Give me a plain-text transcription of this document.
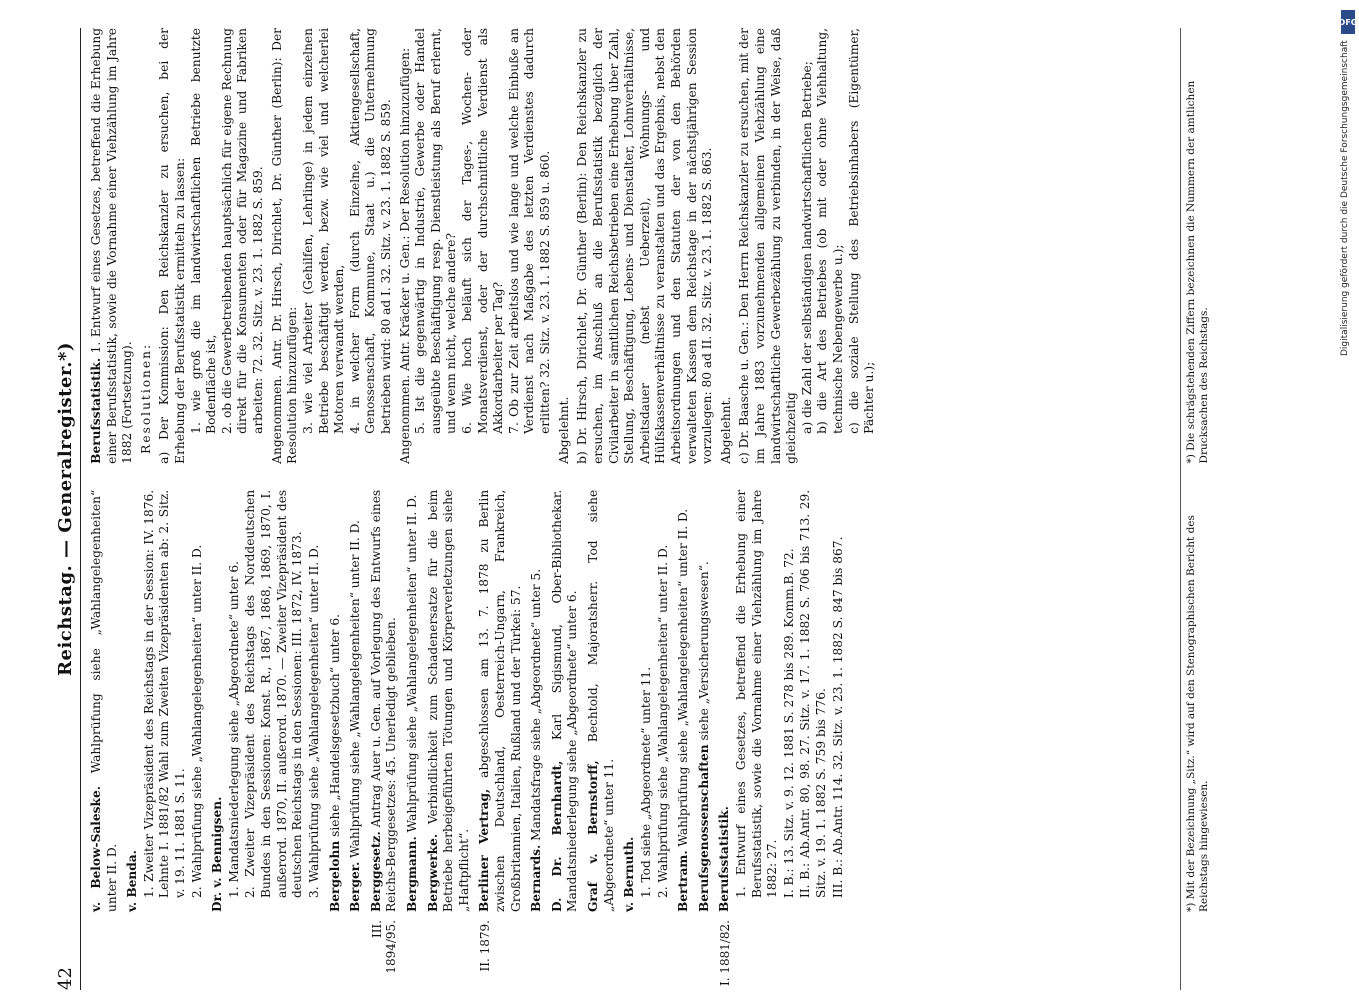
42
Reichstag. — Generalregister.*)
v. Below-Saleske. Wahlprüfung siehe „Wahlangelegenheiten“ unter II. D. v. Benda. 1. Zweiter Vizepräsident des Reichstags in der Session: IV. 1876. Lehnte I. 1881/82 Wahl zum Zweiten Vizepräsidenten ab: 2. Sitz. v. 19. 11. 1881 S. 11. 2. Wahlprüfung siehe „Wahlangelegenheiten“ unter II. D. Dr. v. Bennigsen. 1. Mandatsniederlegung siehe „Abgeordnete“ unter 6. 2. Zweiter Vizepräsident des Reichstags des Norddeutschen Bundes in den Sessionen: Konst. R., 1867, 1868, 1869, 1870, I. außerord. 1870, II. außerord. 1870. — Zweiter Vizepräsident des deutschen Reichstags in den Sessionen: III. 1872, IV. 1873. 3. Wahlprüfung siehe „Wahlangelegenheiten“ unter II. D. Bergelohn siehe „Handelsgesetzbuch“ unter 6.
Berger. Wahlprüfung siehe „Wahlangelegenheiten“ unter II. D.
III. 1894/95.
Berggesetz. Antrag Auer u. Gen. auf Vorlegung des Entwurfs eines Reichs-Berggesetzes: 45. Unerledigt geblieben. Bergmann. Wahlprüfung siehe „Wahlangelegenheiten“ unter II. D.
Bergwerke. Verbindlichkeit zum Schadenersatze für die beim Betriebe herbeigeführten Tötungen und Körperverletzungen siehe „Haftpflicht“.
II. 1879.
Berliner Vertrag, abgeschlossen am 13. 7. 1878 zu Berlin zwischen Deutschland, Oesterreich-Ungarn, Frankreich, Großbritannien, Italien, Rußland und der Türkei: 57. Bernards. Mandatsfrage siehe „Abgeordnete“ unter 5. D. Dr. Bernhardt, Karl Sigismund, Ober-Bibliothekar. Mandatsniederlegung siehe „Abgeordnete“ unter 6. Graf v. Bernstorff, Bechtold, Majoratsherr. Tod siehe „Abgeordnete“ unter 11. v. Bernuth. 1. Tod siehe „Abgeordnete“ unter 11. 2. Wahlprüfung siehe „Wahlangelegenheiten“ unter II. D. Bertram. Wahlprüfung siehe „Wahlangelegenheiten“ unter II. D. Berufsgenossenschaften siehe „Versicherungswesen“.
I. 1881/82.
Berufsstatistik. 1. Entwurf eines Gesetzes, betreffend die Erhebung einer Berufsstatistik, sowie die Vornahme einer Viehzählung im Jahre 1882: 27. I. B.: 13. Sitz. v. 9. 12. 1881 S. 278 bis 289. Komm.B. 72. II. B.: Ab.Antr. 80, 98. 27. Sitz. v. 17. 1. 1882 S. 706 bis 713. 29. Sitz. v. 19. 1. 1882 S. 759 bis 776. III. B.: Ab.Antr. 114. 32. Sitz. v. 23. 1. 1882 S. 847 bis 867.
Berufsstatistik. 1. Entwurf eines Gesetzes, betreffend die Erhebung einer Berufsstatistik, sowie die Vornahme einer Viehzählung im Jahre 1882 (Fortsetzung). Resolutionen: a) Der Kommission: Den Reichskanzler zu ersuchen, bei der Erhebung der Berufsstatistik ermitteln zu lassen: 1. wie groß die im landwirtschaftlichen Betriebe benutzte Bodenfläche ist, 2. ob die Gewerbetreibenden hauptsächlich für eigene Rechnung direkt für die Konsumenten oder für Magazine und Fabriken arbeiten: 72. 32. Sitz. v. 23. 1. 1882 S. 859. Angenommen. Antr. Dr. Hirsch, Dirichlet, Dr. Günther (Berlin): Der Resolution hinzuzufügen: 3. wie viel Arbeiter (Gehilfen, Lehrlinge) in jedem einzelnen Betriebe beschäftigt werden, bezw. wie viel und welcherlei Motoren verwandt werden, 4. in welcher Form (durch Einzelne, Aktiengesellschaft, Genossenschaft, Kommune, Staat u.) die Unternehmung betrieben wird: 80 ad I. 32. Sitz. v. 23. 1. 1882 S. 859. Angenommen. Antr. Kräcker u. Gen.: Der Resolution hinzuzufügen: 5. Ist die gegenwärtig in Industrie, Gewerbe oder Handel ausgeübte Beschäftigung resp. Dienstleistung als Beruf erlernt, und wenn nicht, welche andere? 6. Wie hoch beläuft sich der Tages-, Wochen- oder Monatsverdienst, oder der durchschnittliche Verdienst als Akkordarbeiter per Tag? 7. Ob zur Zeit arbeitslos und wie lange und welche Einbuße an Verdienst nach Maßgabe des letzten Verdienstes dadurch erlitten? 32. Sitz. v. 23. 1. 1882 S. 859 u. 860. Abgelehnt. b) Dr. Hirsch, Dirichlet, Dr. Günther (Berlin): Den Reichskanzler zu ersuchen, im Anschluß an die Berufsstatistik bezüglich der Civilarbeiter in sämtlichen Reichsbetrieben eine Erhebung über Zahl, Stellung, Beschäftigung, Lebens- und Dienstalter, Lohnverhältnisse, Arbeitsdauer (nebst Ueberzeit), Wohnungs- und Hülfskassenverhältnisse zu veranstalten und das Ergebnis, nebst den Arbeitsordnungen und den Statuten der von den Behörden verwalteten Kassen dem Reichstage in der nächstjährigen Session vorzulegen: 80 ad II. 32. Sitz. v. 23. 1. 1882 S. 863. Abgelehnt. c) Dr. Baasche u. Gen.: Den Herrn Reichskanzler zu ersuchen, mit der im Jahre 1883 vorzunehmenden allgemeinen Viehzählung eine landwirtschaftliche Gewerbezählung zu verbinden, in der Weise, daß gleichzeitig a) die Zahl der selbständigen landwirtschaftlichen Betriebe; b) die Art des Betriebes (ob mit oder ohne Viehhaltung, technische Nebengewerbe u.); c) die soziale Stellung des Betriebsinhabers (Eigentümer, Pächter u.);
*) Mit der Bezeichnung „Sitz.“ wird auf den Stenographischen Bericht des Reichstags hingewiesen.
*) Die schrägstehenden Ziffern bezeichnen die Nummern der amtlichen Drucksachen des Reichstags.
DFG
Digitalisierung gefördert durch die Deutsche Forschungsgemeinschaft
